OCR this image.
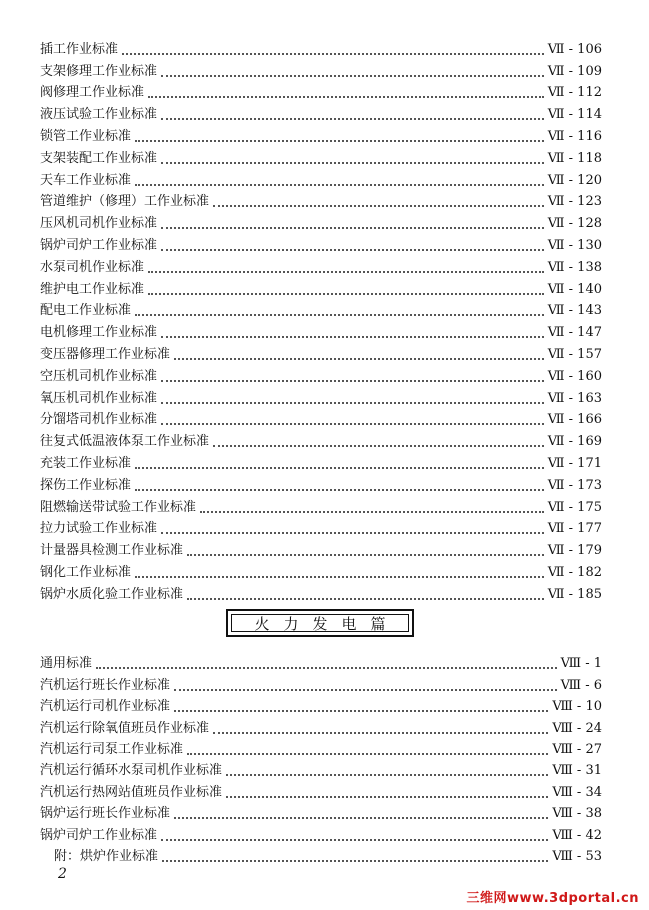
插工作业标准	Ⅶ - 106
支架修理工作业标准	Ⅶ - 109
阀修理工作业标准	Ⅶ - 112
液压试验工作业标准	Ⅶ - 114
锁管工作业标准	Ⅶ - 116
支架装配工作业标准	Ⅶ - 118
天车工作业标准	Ⅶ - 120
管道维护（修理）工作业标准	Ⅶ - 123
压风机司机作业标准	Ⅶ - 128
锅炉司炉工作业标准	Ⅶ - 130
水泵司机作业标准	Ⅶ - 138
维护电工作业标准	Ⅶ - 140
配电工作业标准	Ⅶ - 143
电机修理工作业标准	Ⅶ - 147
变压器修理工作业标准	Ⅶ - 157
空压机司机作业标准	Ⅶ - 160
氧压机司机作业标准	Ⅶ - 163
分馏塔司机作业标准	Ⅶ - 166
往复式低温液体泵工作业标准	Ⅶ - 169
充装工作业标准	Ⅶ - 171
探伤工作业标准	Ⅶ - 173
阻燃输送带试验工作业标准	Ⅶ - 175
拉力试验工作业标准	Ⅶ - 177
计量器具检测工作业标准	Ⅶ - 179
钢化工作业标准	Ⅶ - 182
锅炉水质化验工作业标准	Ⅶ - 185
火力发电篇
通用标准	Ⅷ - 1
汽机运行班长作业标准	Ⅷ - 6
汽机运行司机作业标准	Ⅷ - 10
汽机运行除氧值班员作业标准	Ⅷ - 24
汽机运行司泵工作业标准	Ⅷ - 27
汽机运行循环水泵司机作业标准	Ⅷ - 31
汽机运行热网站值班员作业标准	Ⅷ - 34
锅炉运行班长作业标准	Ⅷ - 38
锅炉司炉工作业标准	Ⅷ - 42
附：烘炉作业标准	Ⅷ - 53
2
三维网www.3dportal.cn
